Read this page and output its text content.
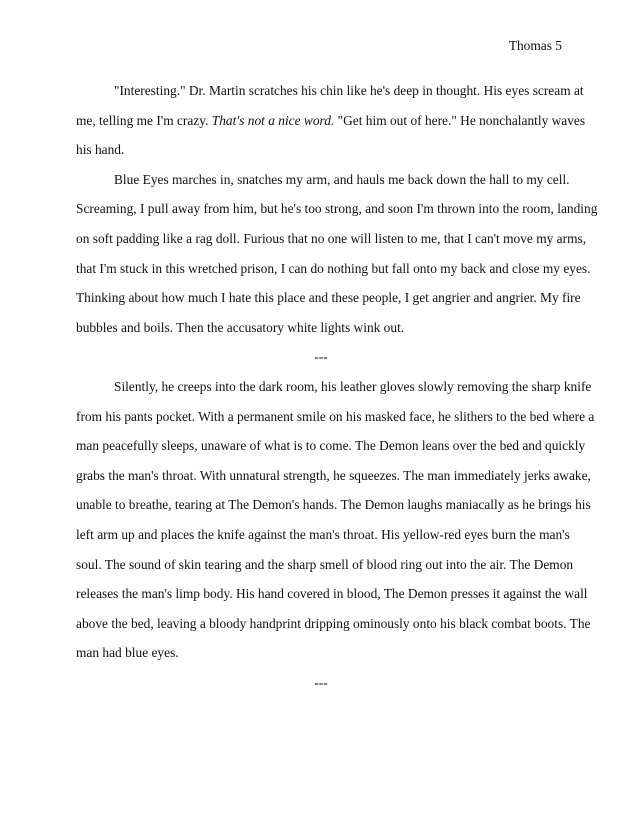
Thomas 5

"Interesting." Dr. Martin scratches his chin like he's deep in thought. His eyes scream at
me, telling me I'm crazy. That's not a nice word. "Get him out of here." He nonchalantly waves
his hand.

Blue Eyes marches in, snatches my arm, and hauls me back down the hall to my cell.
Screaming, I pull away from him, but he's too strong, and soon I'm thrown into the room, landing
on soft padding like a rag doll. Furious that no one will listen to me, that I can't move my arms,
that I'm stuck in this wretched prison, I can do nothing but fall onto my back and close my eyes.
Thinking about how much I hate this place and these people, I get angrier and angrier. My fire
bubbles and boils. Then the accusatory white lights wink out.

---

Silently, he creeps into the dark room, his leather gloves slowly removing the sharp knife
from his pants pocket. With a permanent smile on his masked face, he slithers to the bed where a
man peacefully sleeps, unaware of what is to come. The Demon leans over the bed and quickly
grabs the man's throat. With unnatural strength, he squeezes. The man immediately jerks awake,
unable to breathe, tearing at The Demon's hands. The Demon laughs maniacally as he brings his
left arm up and places the knife against the man's throat. His yellow-red eyes burn the man's
soul. The sound of skin tearing and the sharp smell of blood ring out into the air. The Demon
releases the man's limp body. His hand covered in blood, The Demon presses it against the wall
above the bed, leaving a bloody handprint dripping ominously onto his black combat boots. The
man had blue eyes.

---
